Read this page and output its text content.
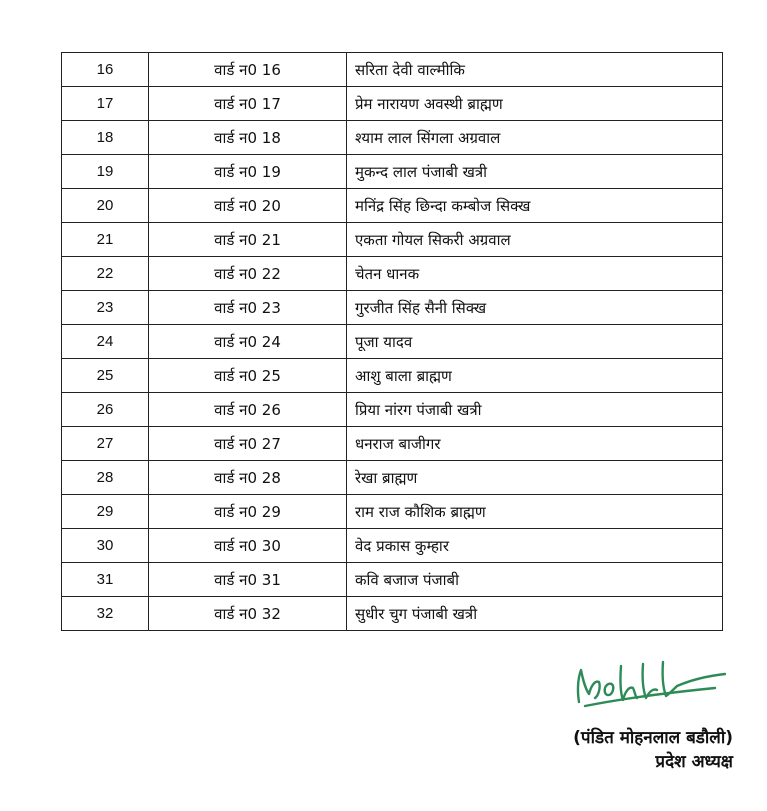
16	वार्ड न0 16	सरिता देवी वाल्मीकि
17	वार्ड न0 17	प्रेम नारायण अवस्थी ब्राह्मण
18	वार्ड न0 18	श्याम लाल सिंगला अग्रवाल
19	वार्ड न0 19	मुकन्द लाल पंजाबी खत्री
20	वार्ड न0 20	मनिंद्र सिंह छिन्दा कम्बोज सिक्ख
21	वार्ड न0 21	एकता गोयल सिकरी अग्रवाल
22	वार्ड न0 22	चेतन धानक
23	वार्ड न0 23	गुरजीत सिंह सैनी सिक्ख
24	वार्ड न0 24	पूजा यादव
25	वार्ड न0 25	आशु बाला ब्राह्मण
26	वार्ड न0 26	प्रिया नांरग पंजाबी खत्री
27	वार्ड न0 27	धनराज बाजीगर
28	वार्ड न0 28	रेखा ब्राह्मण
29	वार्ड न0 29	राम राज कौशिक ब्राह्मण
30	वार्ड न0 30	वेद प्रकास कुम्हार
31	वार्ड न0 31	कवि बजाज पंजाबी
32	वार्ड न0 32	सुधीर चुग पंजाबी खत्री
(पंडित मोहनलाल बडौली)
प्रदेश अध्यक्ष
